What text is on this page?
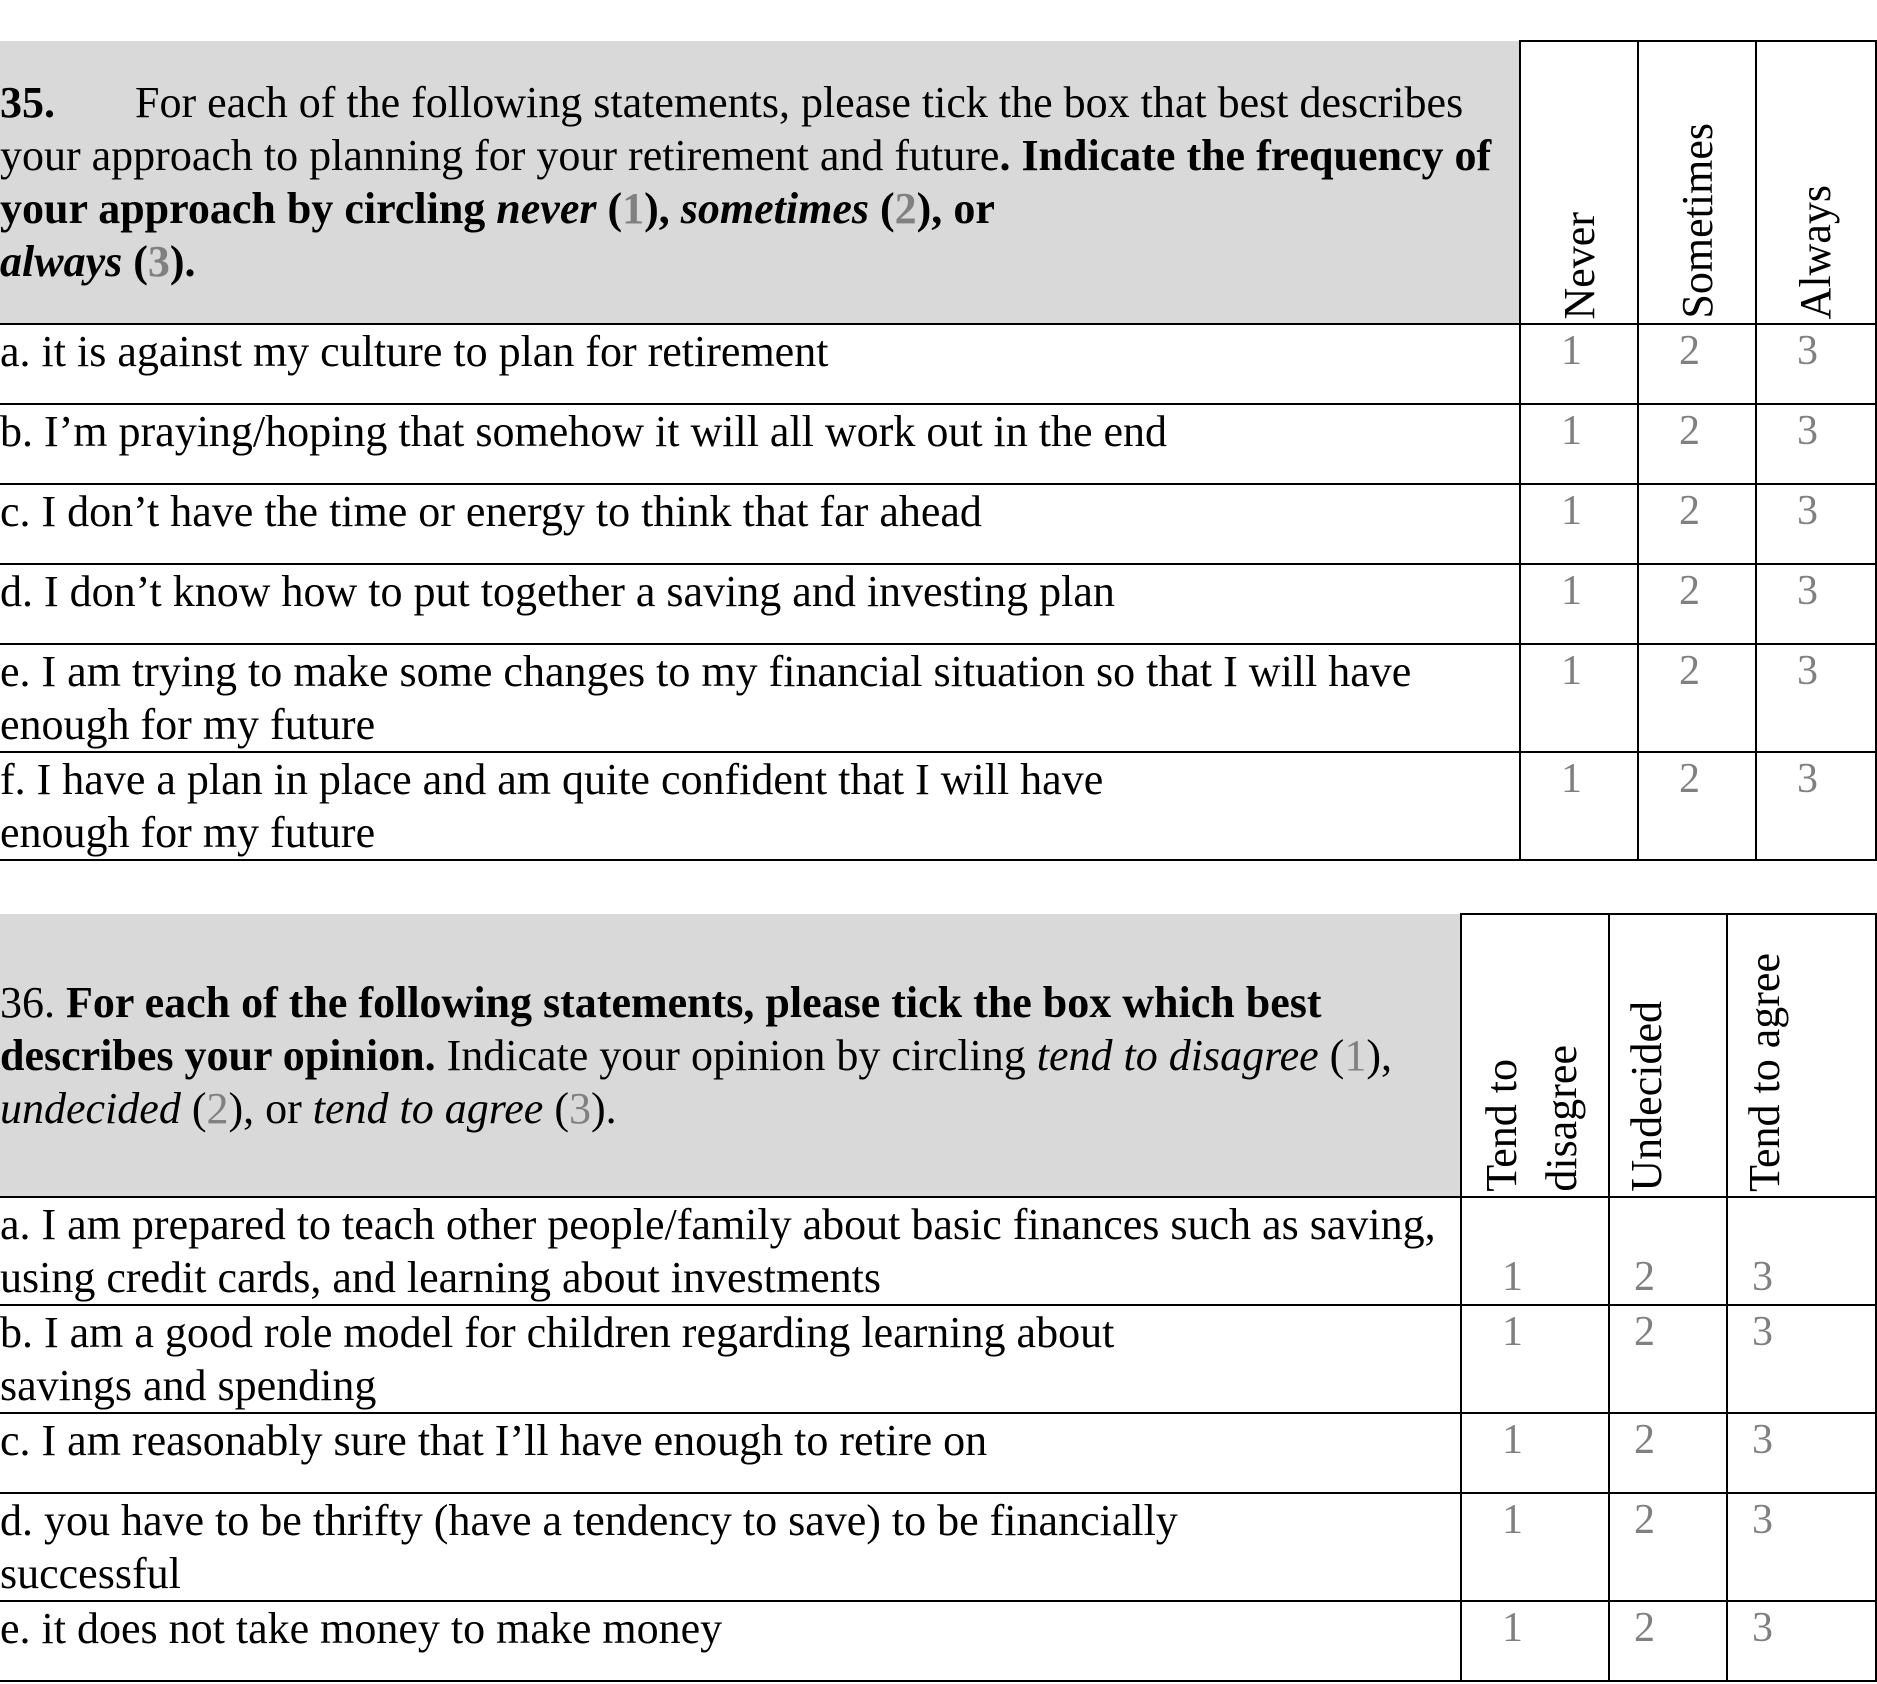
35. For each of the following statements, please tick the box that best describes your approach to planning for your retirement and future. Indicate the frequency of your approach by circling never (1), sometimes (2), or
always (3).	Never	Sometimes	Always

a. it is against my culture to plan for retirement	1	2	3

b. I’m praying/hoping that somehow it will all work out in the end	1	2	3

c. I don’t have the time or energy to think that far ahead	1	2	3

d. I don’t know how to put together a saving and investing plan	1	2	3

e. I am trying to make some changes to my financial situation so that I will have enough for my future	1	2	3

f. I have a plan in place and am quite confident that I will have enough for my future	1	2	3
36. For each of the following statements, please tick the box which best describes your opinion. Indicate your opinion by circling tend to disagree (1), undecided (2), or tend to agree (3).	Tend to disagree	Undecided	Tend to agree

a. I am prepared to teach other people/family about basic finances such as saving, using credit cards, and learning about investments	1	2	3

b. I am a good role model for children regarding learning about savings and spending	1	2	3

c. I am reasonably sure that I’ll have enough to retire on	1	2	3

d. you have to be thrifty (have a tendency to save) to be financially successful	1	2	3

e. it does not take money to make money	1	2	3
